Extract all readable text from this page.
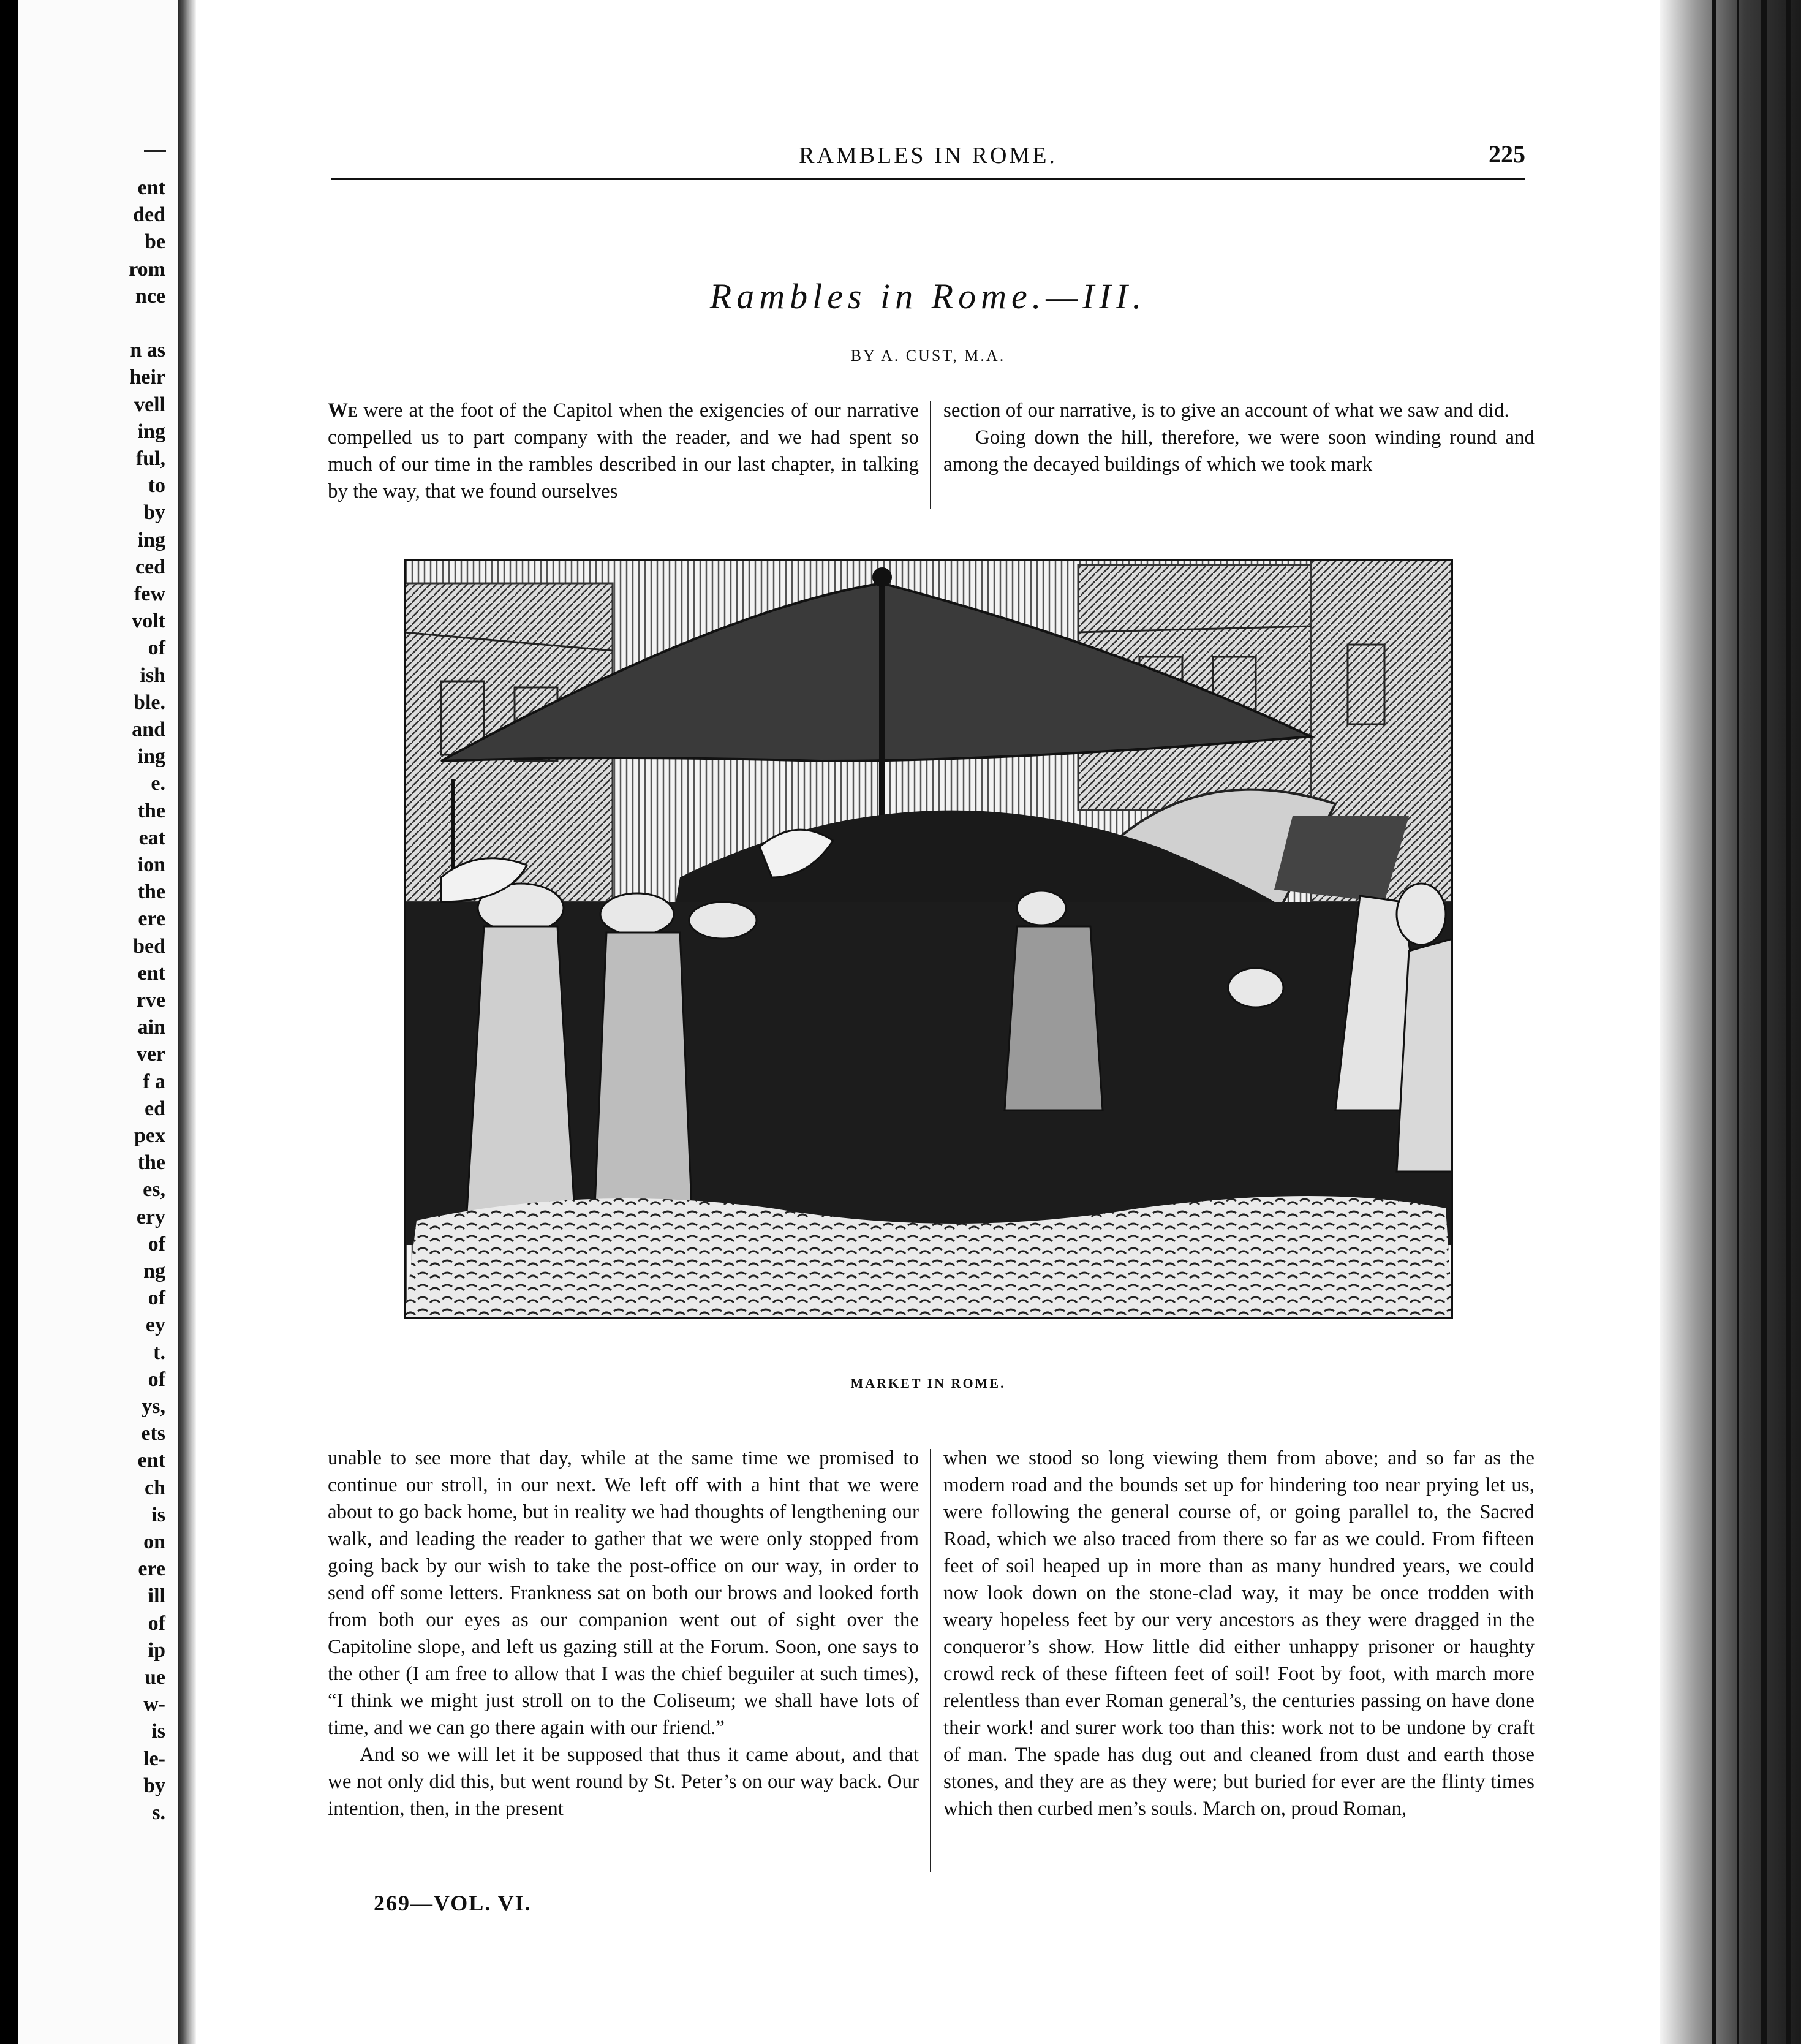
ent
ded
be
rom
nce
n as
heir
vell
ing
ful,
to
by
ing
ced
few
volt
of
ish
ble.
and
ing
e.
the
eat
ion
the
ere
bed
ent
rve
ain
ver
f a
ed
pex
the
es,
ery
of
ng
of
ey
t.
of
ys,
ets
ent
ch
is
on
ere
ill
of
ip
ue
w-
is
le-
by
s.
RAMBLES IN ROME.	225
Rambles in Rome.—III.
BY A. CUST, M.A.

We were at the foot of the Capitol when the exigencies of our narrative compelled us to part company with the reader, and we had spent so much of our time in the rambles described in our last chapter, in talking by the way, that we found ourselves

section of our narrative, is to give an account of what we saw and did.

Going down the hill, therefore, we were soon winding round and among the decayed buildings of which we took mark

MARKET IN ROME.

unable to see more that day, while at the same time we promised to continue our stroll, in our next. We left off with a hint that we were about to go back home, but in reality we had thoughts of lengthening our walk, and leading the reader to gather that we were only stopped from going back by our wish to take the post-office on our way, in order to send off some letters. Frankness sat on both our brows and looked forth from both our eyes as our companion went out of sight over the Capitoline slope, and left us gazing still at the Forum. Soon, one says to the other (I am free to allow that I was the chief beguiler at such times), “I think we might just stroll on to the Coliseum; we shall have lots of time, and we can go there again with our friend.”

And so we will let it be supposed that thus it came about, and that we not only did this, but went round by St. Peter’s on our way back. Our intention, then, in the present

when we stood so long viewing them from above; and so far as the modern road and the bounds set up for hindering too near prying let us, were following the general course of, or going parallel to, the Sacred Road, which we also traced from there so far as we could. From fifteen feet of soil heaped up in more than as many hundred years, we could now look down on the stone-clad way, it may be once trodden with weary hopeless feet by our very ancestors as they were dragged in the conqueror’s show. How little did either unhappy prisoner or haughty crowd reck of these fifteen feet of soil! Foot by foot, with march more relentless than ever Roman general’s, the centuries passing on have done their work! and surer work too than this: work not to be undone by craft of man. The spade has dug out and cleaned from dust and earth those stones, and they are as they were; but buried for ever are the flinty times which then curbed men’s souls. March on, proud Roman,

269—VOL. VI.
